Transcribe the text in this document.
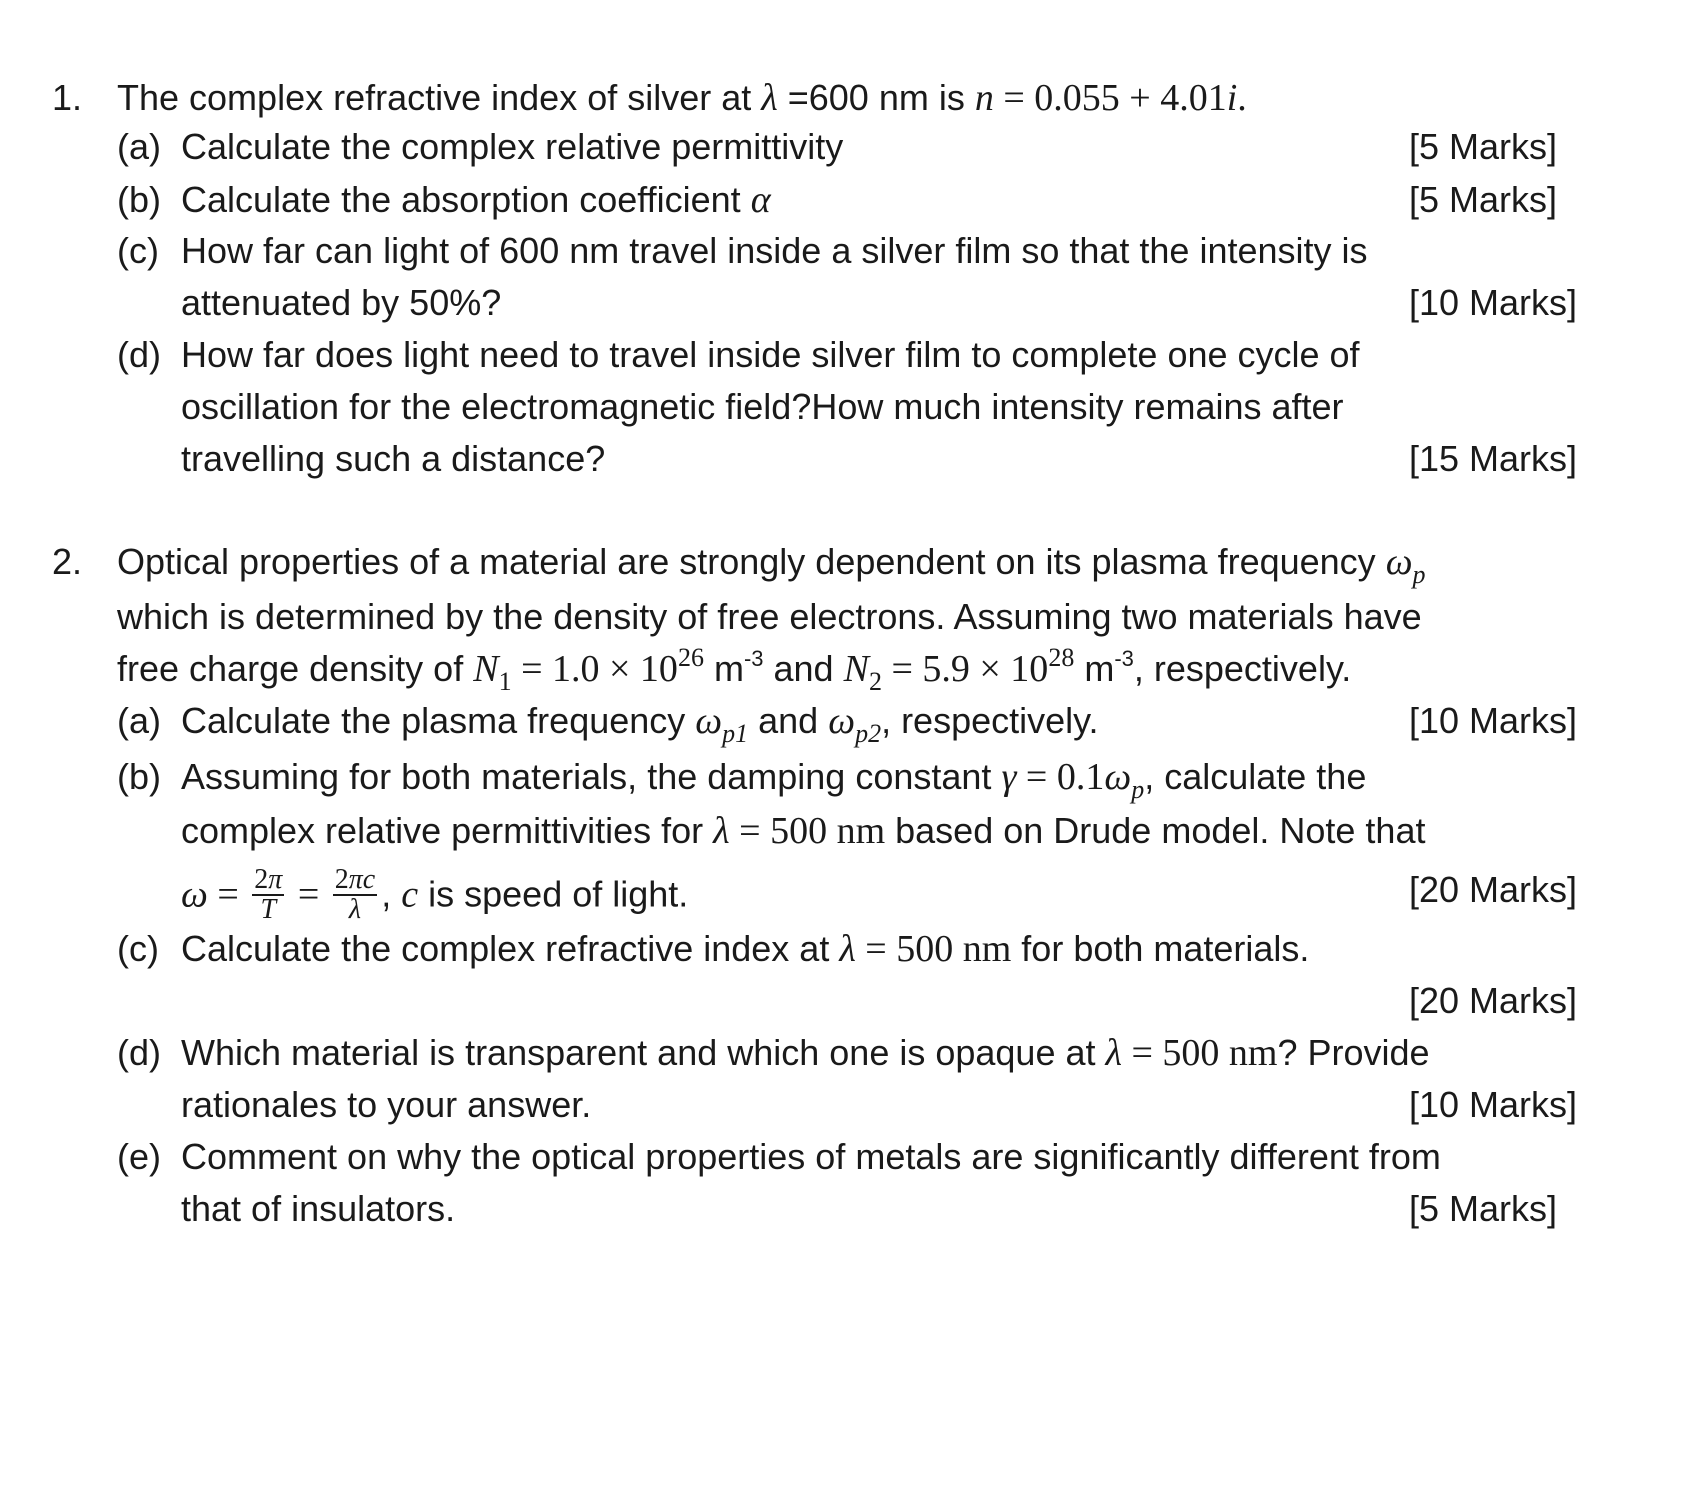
1. The complex refractive index of silver at λ =600 nm is n = 0.055 + 4.01i.
(a) Calculate the complex relative permittivity	[5 Marks]
(b) Calculate the absorption coefficient α	[5 Marks]
(c) How far can light of 600 nm travel inside a silver film so that the intensity is
attenuated by 50%?	[10 Marks]
(d) How far does light need to travel inside silver film to complete one cycle of
oscillation for the electromagnetic field?How much intensity remains after
travelling such a distance?	[15 Marks]
2. Optical properties of a material are strongly dependent on its plasma frequency $\omega_p$
which is determined by the density of free electrons. Assuming two materials have
free charge density of $N_1 = 1.0 \times 10^{26}$ $m^{-3}$ and $N_2 = 5.9 \times 10^{28}$ $m^{-3}$, respectively.
(a) Calculate the plasma frequency $\omega_{p1}$ and $\omega_{p2}$, respectively.	[10 Marks]
(b) Assuming for both materials, the damping constant $\gamma = 0.1\omega_p$, calculate the
complex relative permittivities for λ = 500 nm based on Drude model. Note that
$\omega = \frac{2\pi}{T} = \frac{2\pi c}{\lambda}$ , c is speed of light.	[20 Marks]
(c) Calculate the complex refractive index at λ = 500 nm for both materials.
[20 Marks]
(d) Which material is transparent and which one is opaque at λ = 500 nm? Provide
rationales to your answer.	[10 Marks]
(e) Comment on why the optical properties of metals are significantly different from
that of insulators.	[5 Marks]
